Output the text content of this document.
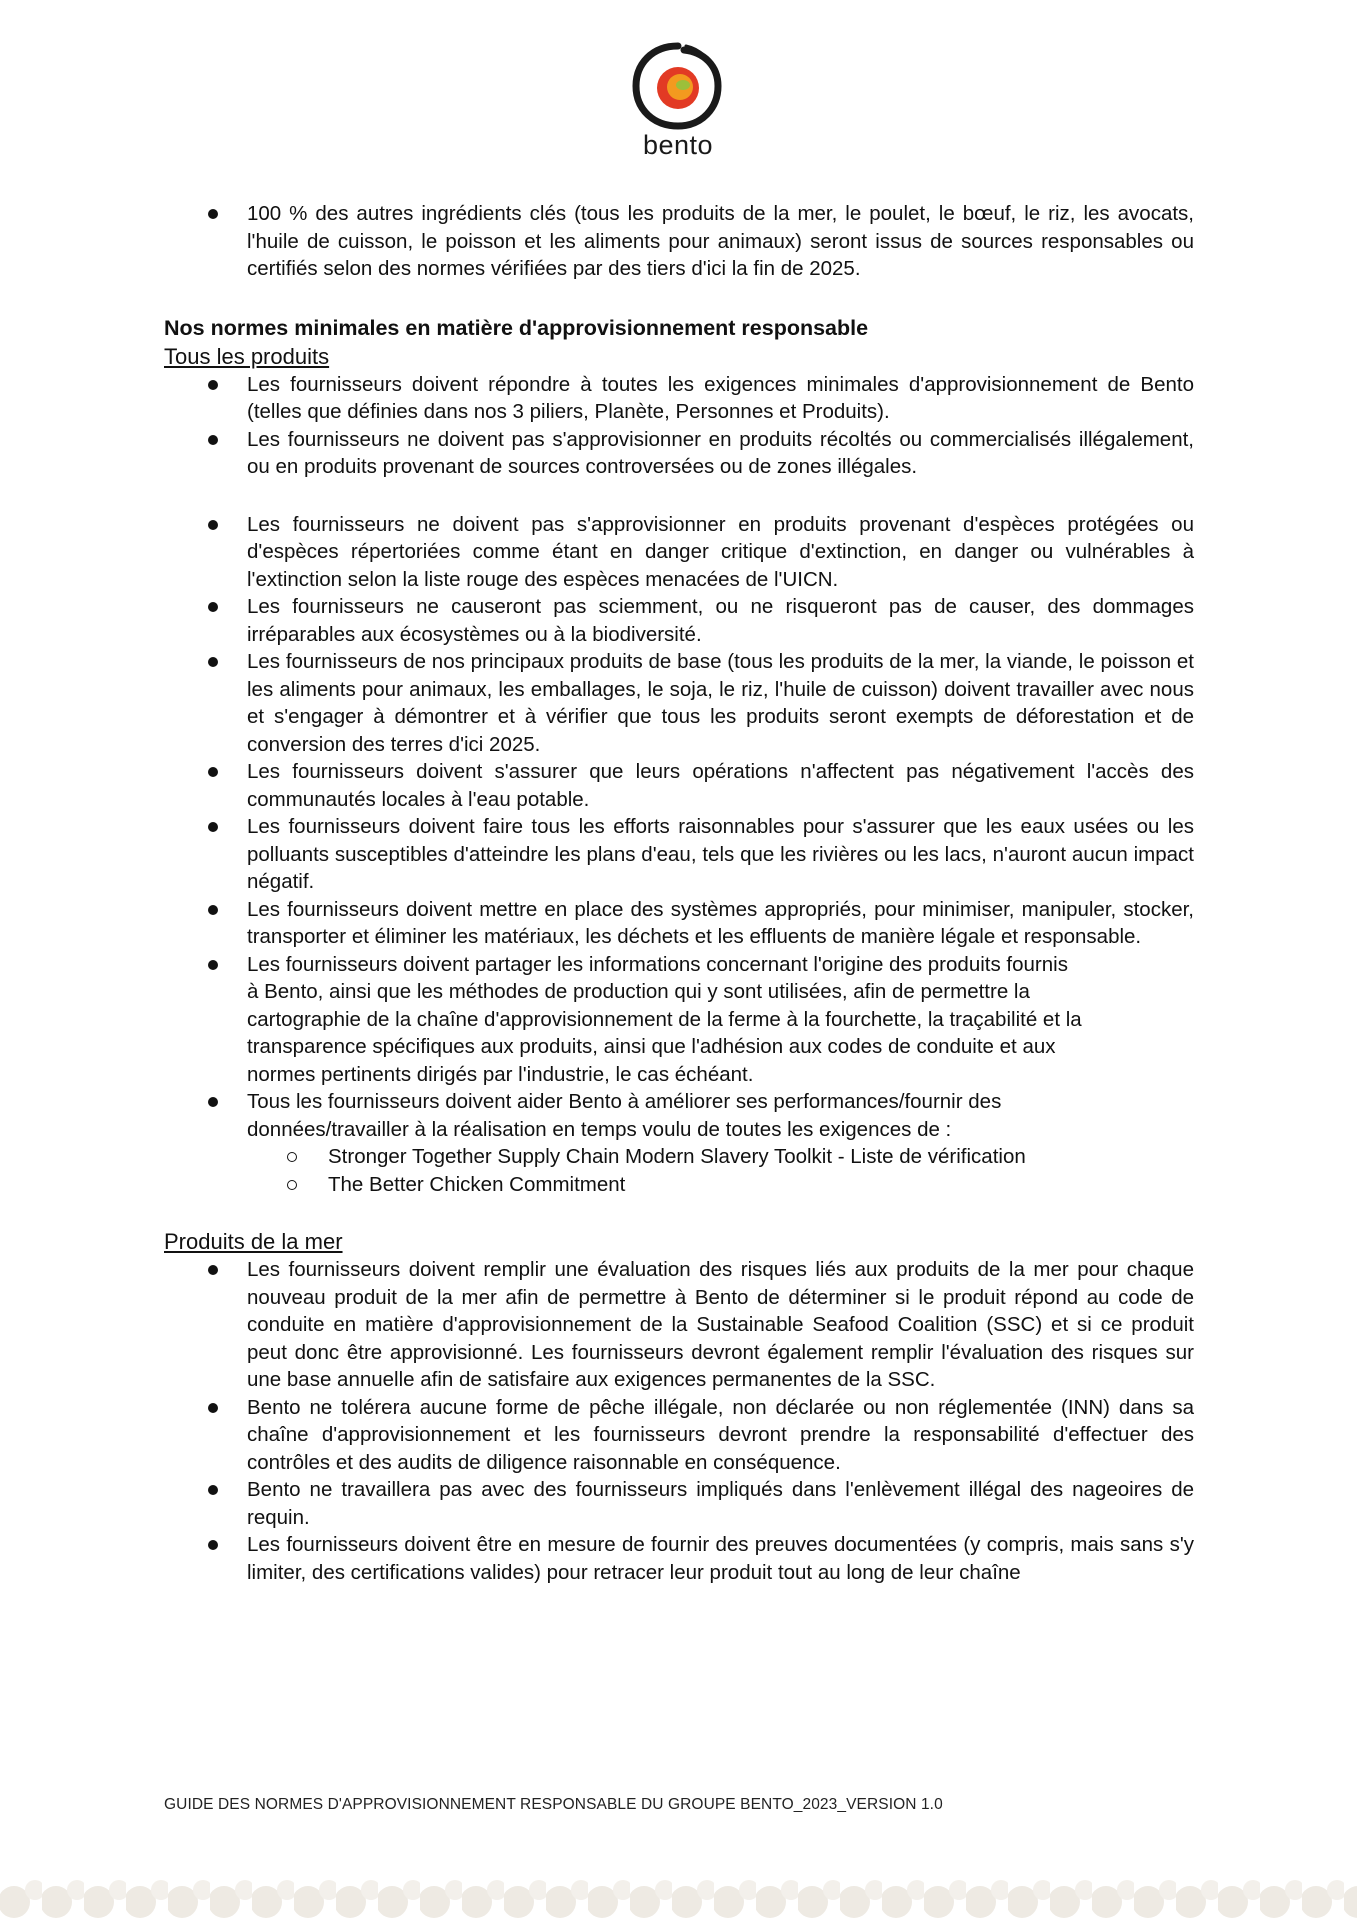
bento
100 % des autres ingrédients clés (tous les produits de la mer, le poulet, le bœuf, le riz, les avocats, l'huile de cuisson, le poisson et les aliments pour animaux) seront issus de sources responsables ou certifiés selon des normes vérifiées par des tiers d'ici la fin de 2025.
Nos normes minimales en matière d'approvisionnement responsable
Tous les produits
Les fournisseurs doivent répondre à toutes les exigences minimales d'approvisionnement de Bento (telles que définies dans nos 3 piliers, Planète, Personnes et Produits).
Les fournisseurs ne doivent pas s'approvisionner en produits récoltés ou commercialisés illégalement, ou en produits provenant de sources controversées ou de zones illégales.
Les fournisseurs ne doivent pas s'approvisionner en produits provenant d'espèces protégées ou d'espèces répertoriées comme étant en danger critique d'extinction, en danger ou vulnérables à l'extinction selon la liste rouge des espèces menacées de l'UICN.
Les fournisseurs ne causeront pas sciemment, ou ne risqueront pas de causer, des dommages irréparables aux écosystèmes ou à la biodiversité.
Les fournisseurs de nos principaux produits de base (tous les produits de la mer, la viande, le poisson et les aliments pour animaux, les emballages, le soja, le riz, l'huile de cuisson) doivent travailler avec nous et s'engager à démontrer et à vérifier que tous les produits seront exempts de déforestation et de conversion des terres d'ici 2025.
Les fournisseurs doivent s'assurer que leurs opérations n'affectent pas négativement l'accès des communautés locales à l'eau potable.
Les fournisseurs doivent faire tous les efforts raisonnables pour s'assurer que les eaux usées ou les polluants susceptibles d'atteindre les plans d'eau, tels que les rivières ou les lacs, n'auront aucun impact négatif.
Les fournisseurs doivent mettre en place des systèmes appropriés, pour minimiser, manipuler, stocker, transporter et éliminer les matériaux, les déchets et les effluents de manière légale et responsable.
Les fournisseurs doivent partager les informations concernant l'origine des produits fournis à Bento, ainsi que les méthodes de production qui y sont utilisées, afin de permettre la cartographie de la chaîne d'approvisionnement de la ferme à la fourchette, la traçabilité et la transparence spécifiques aux produits, ainsi que l'adhésion aux codes de conduite et aux normes pertinents dirigés par l'industrie, le cas échéant.
Tous les fournisseurs doivent aider Bento à améliorer ses performances/fournir des données/travailler à la réalisation en temps voulu de toutes les exigences de :
Stronger Together Supply Chain Modern Slavery Toolkit - Liste de vérification
The Better Chicken Commitment
Produits de la mer
Les fournisseurs doivent remplir une évaluation des risques liés aux produits de la mer pour chaque nouveau produit de la mer afin de permettre à Bento de déterminer si le produit répond au code de conduite en matière d'approvisionnement de la Sustainable Seafood Coalition (SSC) et si ce produit peut donc être approvisionné. Les fournisseurs devront également remplir l'évaluation des risques sur une base annuelle afin de satisfaire aux exigences permanentes de la SSC.
Bento ne tolérera aucune forme de pêche illégale, non déclarée ou non réglementée (INN) dans sa chaîne d'approvisionnement et les fournisseurs devront prendre la responsabilité d'effectuer des contrôles et des audits de diligence raisonnable en conséquence.
Bento ne travaillera pas avec des fournisseurs impliqués dans l'enlèvement illégal des nageoires de requin.
Les fournisseurs doivent être en mesure de fournir des preuves documentées (y compris, mais sans s'y limiter, des certifications valides) pour retracer leur produit tout au long de leur chaîne
GUIDE DES NORMES D'APPROVISIONNEMENT RESPONSABLE DU GROUPE BENTO_2023_VERSION 1.0
